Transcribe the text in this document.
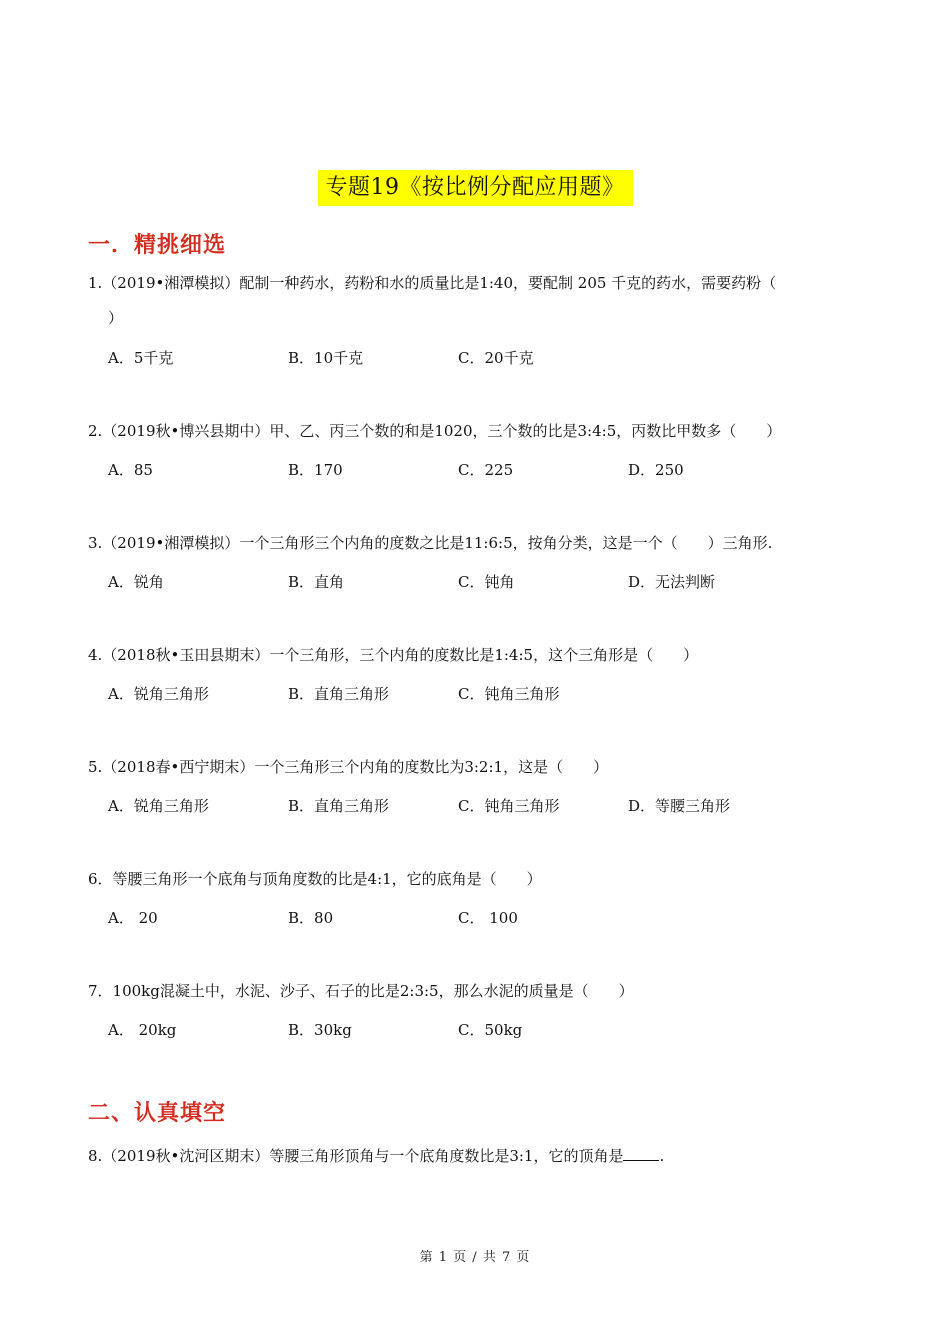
专题19《按比例分配应用题》
一．精挑细选
1.（2019•湘潭模拟）配制一种药水，药粉和水的质量比是1:40，要配制 205 千克的药水，需要药粉（
）
A．5千克	B．10千克	C．20千克
2.（2019秋•博兴县期中）甲、乙、丙三个数的和是1020，三个数的比是3:4:5，丙数比甲数多（　　）
A．85	B．170	C．225	D．250
3.（2019•湘潭模拟）一个三角形三个内角的度数之比是11:6:5，按角分类，这是一个（　　）三角形.
A．锐角	B．直角	C．钝角	D．无法判断
4.（2018秋•玉田县期末）一个三角形，三个内角的度数比是1:4:5，这个三角形是（　　）
A．锐角三角形	B．直角三角形	C．钝角三角形
5.（2018春•西宁期末）一个三角形三个内角的度数比为3:2:1，这是（　　）
A．锐角三角形	B．直角三角形	C．钝角三角形	D．等腰三角形
6．等腰三角形一个底角与顶角度数的比是4:1，它的底角是（　　）
A． 20	B．80	C． 100
7．100kg混凝土中，水泥、沙子、石子的比是2:3:5，那么水泥的质量是（　　）
A． 20kg	B．30kg	C．50kg
二、认真填空
8.（2019秋•沈河区期末）等腰三角形顶角与一个底角度数比是3:1，它的顶角是 .
第 1 页 / 共 7 页
